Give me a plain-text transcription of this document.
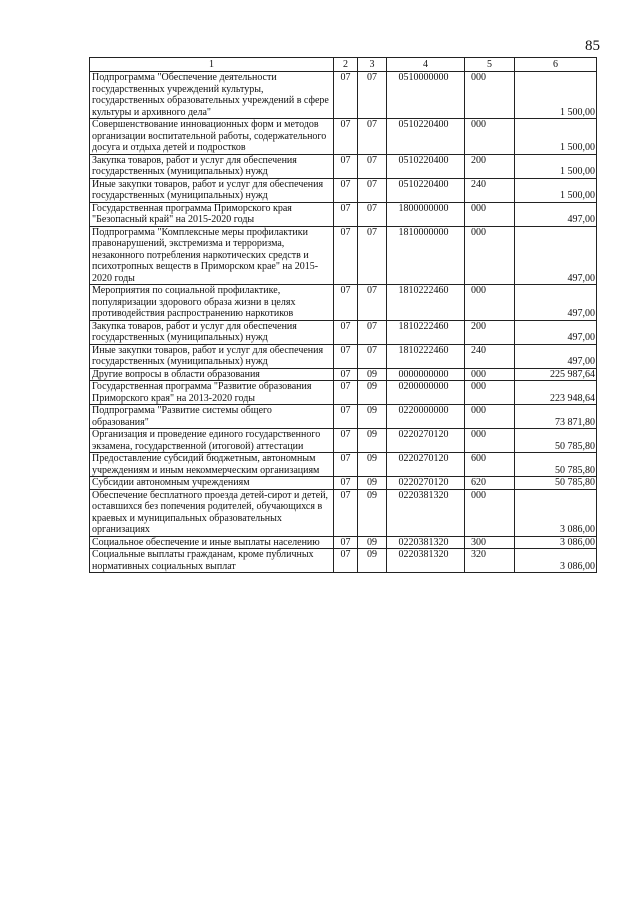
85
1	2	3	4	5	6
Подпрограмма "Обеспечение деятельности государственных учреждений культуры, государственных образовательных учреждений в сфере культуры и архивного дела"	07	07	0510000000	000	1 500,00
Совершенствование инновационных форм и методов организации воспитательной работы, содержательного досуга и отдыха детей и подростков	07	07	0510220400	000	1 500,00
Закупка товаров, работ и услуг для обеспечения государственных (муниципальных) нужд	07	07	0510220400	200	1 500,00
Иные закупки товаров, работ и услуг для обеспечения государственных (муниципальных) нужд	07	07	0510220400	240	1 500,00
Государственная программа Приморского края "Безопасный край" на 2015-2020 годы	07	07	1800000000	000	497,00
Подпрограмма "Комплексные меры профилактики правонарушений, экстремизма и терроризма, незаконного потребления наркотических средств и психотропных веществ в Приморском крае" на 2015-2020 годы	07	07	1810000000	000	497,00
Мероприятия по социальной профилактике, популяризации здорового образа жизни в целях противодействия распространению наркотиков	07	07	1810222460	000	497,00
Закупка товаров, работ и услуг для обеспечения государственных (муниципальных) нужд	07	07	1810222460	200	497,00
Иные закупки товаров, работ и услуг для обеспечения государственных (муниципальных) нужд	07	07	1810222460	240	497,00
Другие вопросы в области образования	07	09	0000000000	000	225 987,64
Государственная программа "Развитие образования Приморского края" на 2013-2020 годы	07	09	0200000000	000	223 948,64
Подпрограмма "Развитие системы общего образования"	07	09	0220000000	000	73 871,80
Организация и проведение единого государственного экзамена, государственной (итоговой) аттестации	07	09	0220270120	000	50 785,80
Предоставление субсидий бюджетным, автономным учреждениям и иным некоммерческим организациям	07	09	0220270120	600	50 785,80
Субсидии автономным учреждениям	07	09	0220270120	620	50 785,80
Обеспечение бесплатного проезда детей-сирот и детей, оставшихся без попечения родителей, обучающихся в краевых и муниципальных образовательных организациях	07	09	0220381320	000	3 086,00
Социальное обеспечение и иные выплаты населению	07	09	0220381320	300	3 086,00
Социальные выплаты гражданам, кроме публичных нормативных социальных выплат	07	09	0220381320	320	3 086,00
